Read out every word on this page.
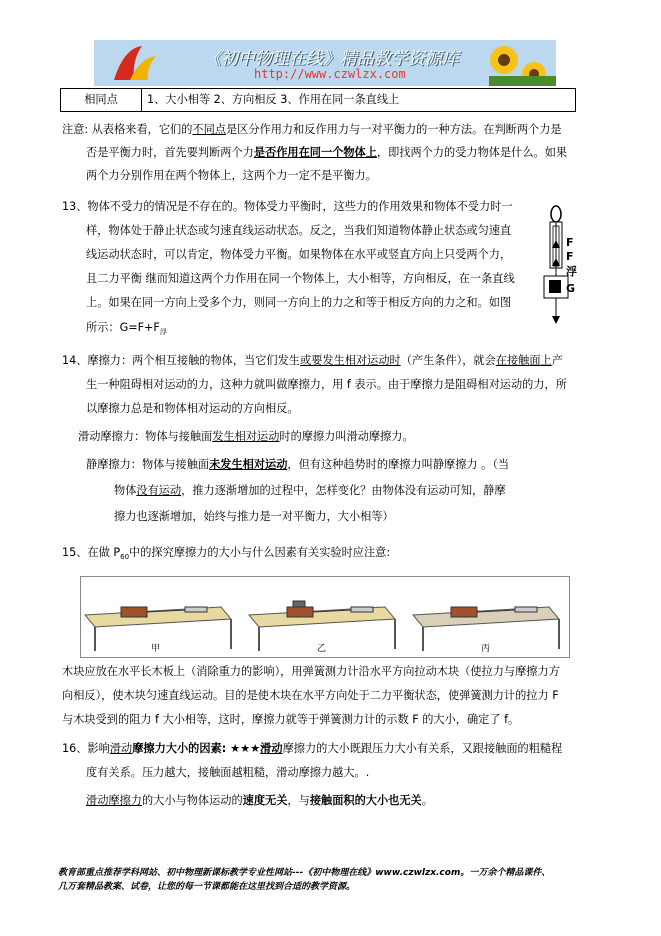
《初中物理在线》精品教学资源库
http://www.czwlzx.com
相同点	1、大小相等 2、方向相反 3、作用在同一条直线上
注意: 从表格来看，它们的不同点是区分作用力和反作用力与一对平衡力的一种方法。在判断两个力是
否是平衡力时，首先要判断两个力是否作用在同一个物体上，即找两个力的受力物体是什么。如果
两个力分别作用在两个物体上，这两个力一定不是平衡力。
13、物体不受力的情况是不存在的。物体受力平衡时，这些力的作用效果和物体不受力时一
样，物体处于静止状态或匀速直线运动状态。反之，当我们知道物体静止状态或匀速直
线运动状态时，可以肯定，物体受力平衡。如果物体在水平或竖直方向上只受两个力，
且二力平衡 继而知道这两个力作用在同一个物体上，大小相等，方向相反，在一条直线
上。如果在同一方向上受多个力，则同一方向上的力之和等于相反方向的力之和。如图
所示：$G=F+F_浮$
F
F浮
G
14、摩擦力：两个相互接触的物体，当它们发生或要发生相对运动时（产生条件），就会在接触面上产
生一种阻碍相对运动的力，这种力就叫做摩擦力，用 f 表示。由于摩擦力是阻碍相对运动的力，所
以摩擦力总是和物体相对运动的方向相反。
滑动摩擦力：物体与接触面发生相对运动时的摩擦力叫滑动摩擦力。
静摩擦力：物体与接触面未发生相对运动，但有这种趋势时的摩擦力叫静摩擦力 。（当
物体没有运动，推力逐渐增加的过程中，怎样变化？由物体没有运动可知，静摩
擦力也逐渐增加，始终与推力是一对平衡力，大小相等）
15、在做 $P_{60}$中的探究摩擦力的大小与什么因素有关实验时应注意:
甲	乙	丙
木块应放在水平长木板上（消除重力的影响），用弹簧测力计沿水平方向拉动木块（使拉力与摩擦力方
向相反），使木块匀速直线运动。目的是使木块在水平方向处于二力平衡状态，使弹簧测力计的拉力 F
与木块受到的阻力 f 大小相等，这时，摩擦力就等于弹簧测力计的示数 F 的大小，确定了 f。
16、影响滑动摩擦力大小的因素: ★★★滑动摩擦力的大小既跟压力大小有关系，又跟接触面的粗糙程
度有关系。压力越大，接触面越粗糙，滑动摩擦力越大。.
滑动摩擦力的大小与物体运动的速度无关，与接触面积的大小也无关。
教育部重点推荐学科网站、初中物理新课标教学专业性网站---《初中物理在线》www.czwlzx.com。一万余个精品课件、
几万套精品教案、试卷，让您的每一节课都能在这里找到合适的教学资源。
